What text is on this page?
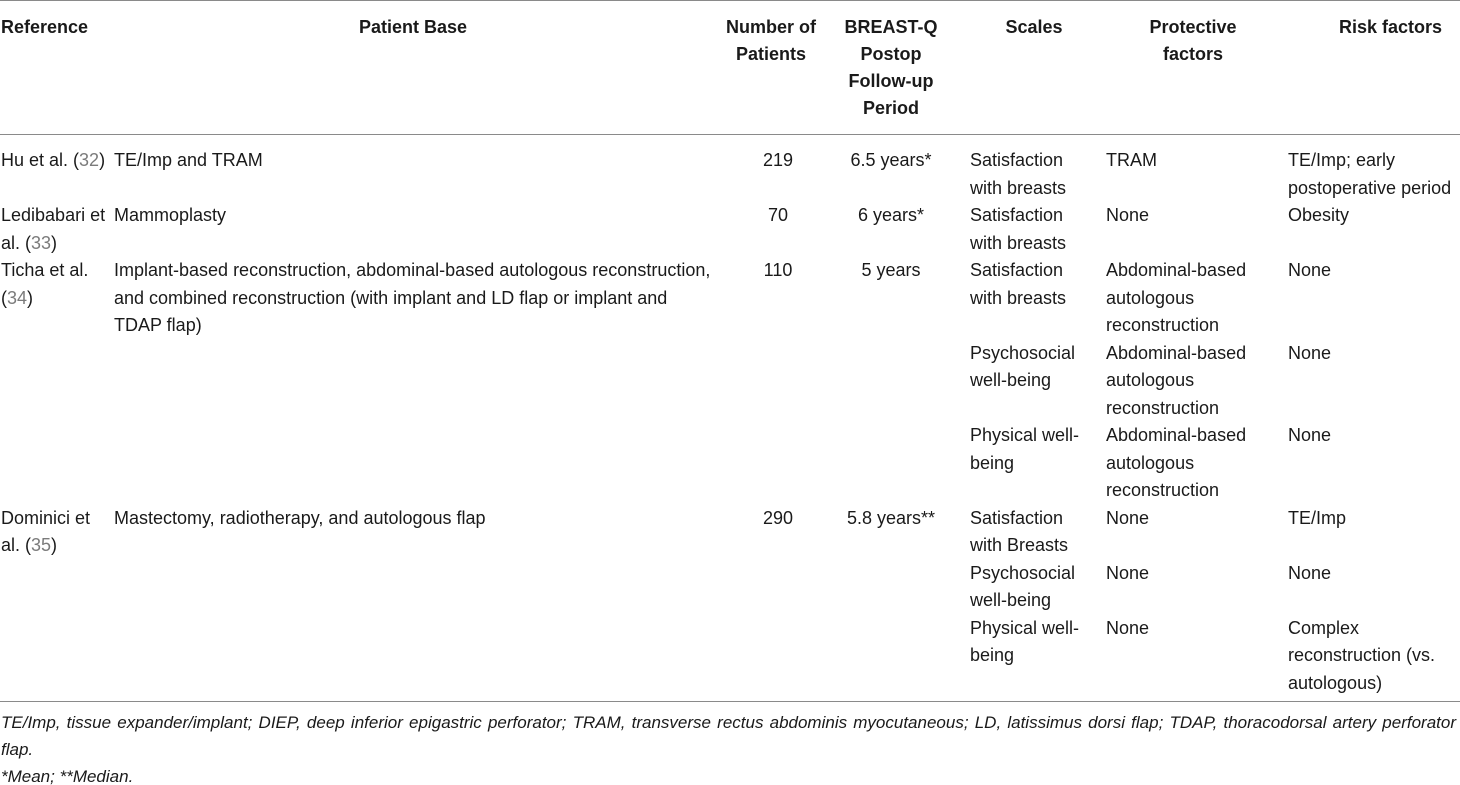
Reference	Patient Base	Number of Patients	BREAST-Q Postop Follow-up Period	Scales	Protective factors	Risk factors
Hu et al. (32)	TE/Imp and TRAM	219	6.5 years*	Satisfaction with breasts	TRAM	TE/Imp; early postoperative period
Ledibabari et al. (33)	Mammoplasty	70	6 years*	Satisfaction with breasts	None	Obesity
Ticha et al. (34)	Implant-based reconstruction, abdominal-based autologous reconstruction, and combined reconstruction (with implant and LD flap or implant and TDAP flap)	110	5 years	Satisfaction with breasts	Abdominal-based autologous reconstruction	None
				Psychosocial well-being	Abdominal-based autologous reconstruction	None
				Physical well-being	Abdominal-based autologous reconstruction	None
Dominici et al. (35)	Mastectomy, radiotherapy, and autologous flap	290	5.8 years**	Satisfaction with Breasts	None	TE/Imp
				Psychosocial well-being	None	None
				Physical well-being	None	Complex reconstruction (vs. autologous)

TE/Imp, tissue expander/implant; DIEP, deep inferior epigastric perforator; TRAM, transverse rectus abdominis myocutaneous; LD, latissimus dorsi flap; TDAP, thoracodorsal artery perforator flap.

*Mean; **Median.
